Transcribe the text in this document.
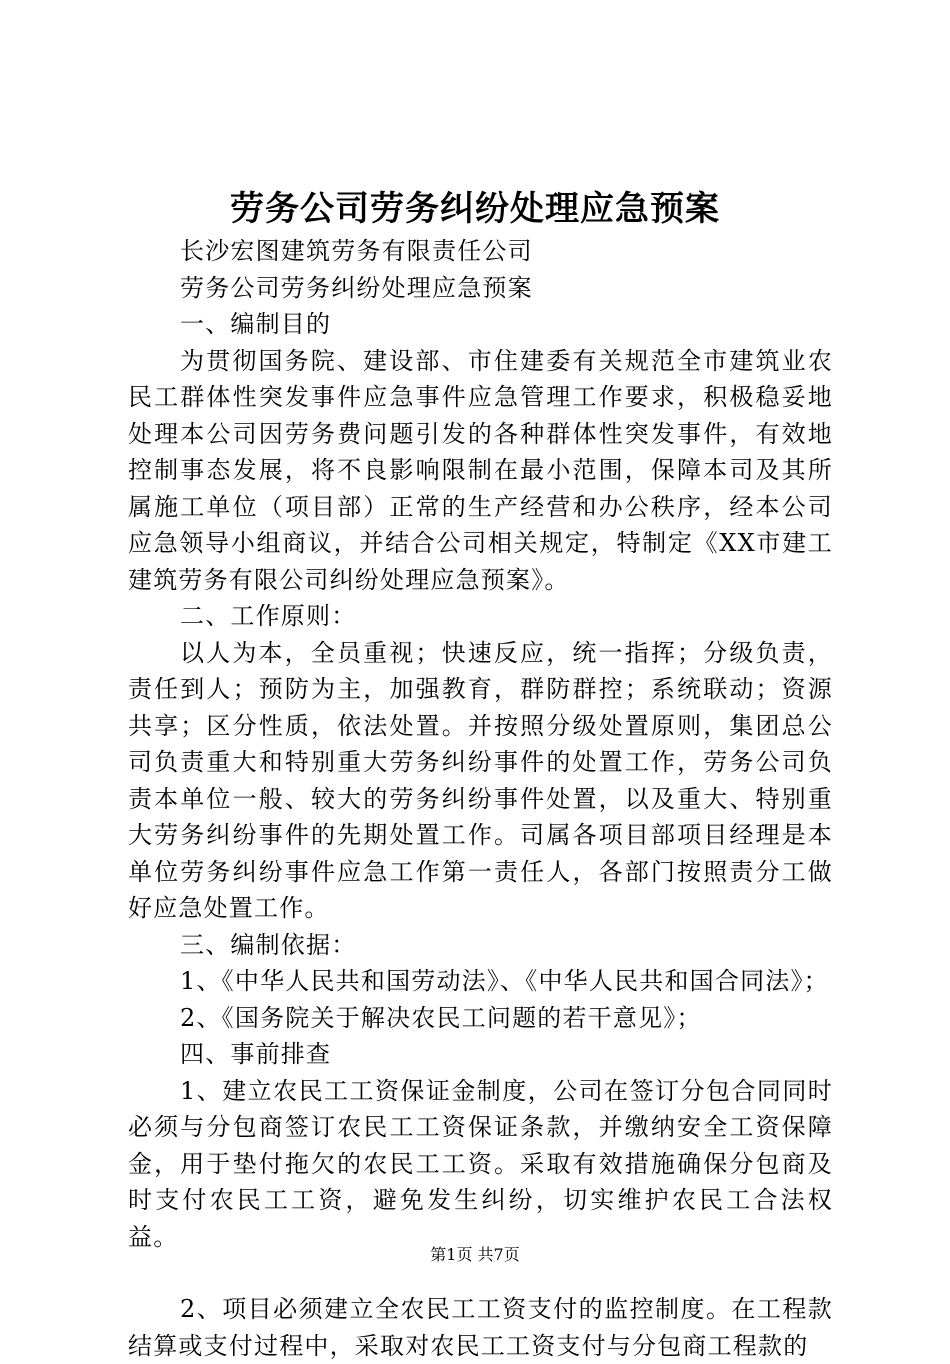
劳务公司劳务纠纷处理应急预案

长沙宏图建筑劳务有限责任公司

劳务公司劳务纠纷处理应急预案

一、编制目的

为贯彻国务院、建设部、市住建委有关规范全市建筑业农民工群体性突发事件应急事件应急管理工作要求，积极稳妥地处理本公司因劳务费问题引发的各种群体性突发事件，有效地控制事态发展，将不良影响限制在最小范围，保障本司及其所属施工单位（项目部）正常的生产经营和办公秩序，经本公司应急领导小组商议，并结合公司相关规定，特制定《XX市建工建筑劳务有限公司纠纷处理应急预案》。

二、工作原则：

以人为本，全员重视；快速反应，统一指挥；分级负责，责任到人；预防为主，加强教育，群防群控；系统联动；资源共享；区分性质，依法处置。并按照分级处置原则，集团总公司负责重大和特别重大劳务纠纷事件的处置工作，劳务公司负责本单位一般、较大的劳务纠纷事件处置，以及重大、特别重大劳务纠纷事件的先期处置工作。司属各项目部项目经理是本单位劳务纠纷事件应急工作第一责任人，各部门按照责分工做好应急处置工作。

三、编制依据：

1、《中华人民共和国劳动法》、《中华人民共和国合同法》；

2、《国务院关于解决农民工问题的若干意见》；

四、事前排查

1、建立农民工工资保证金制度，公司在签订分包合同同时必须与分包商签订农民工工资保证条款，并缴纳安全工资保障金，用于垫付拖欠的农民工工资。采取有效措施确保分包商及时支付农民工工资，避免发生纠纷，切实维护农民工合法权益。

2、项目必须建立全农民工工资支付的监控制度。在工程款结算或支付过程中，采取对农民工工资支付与分包商工程款的

第1页 共7页
